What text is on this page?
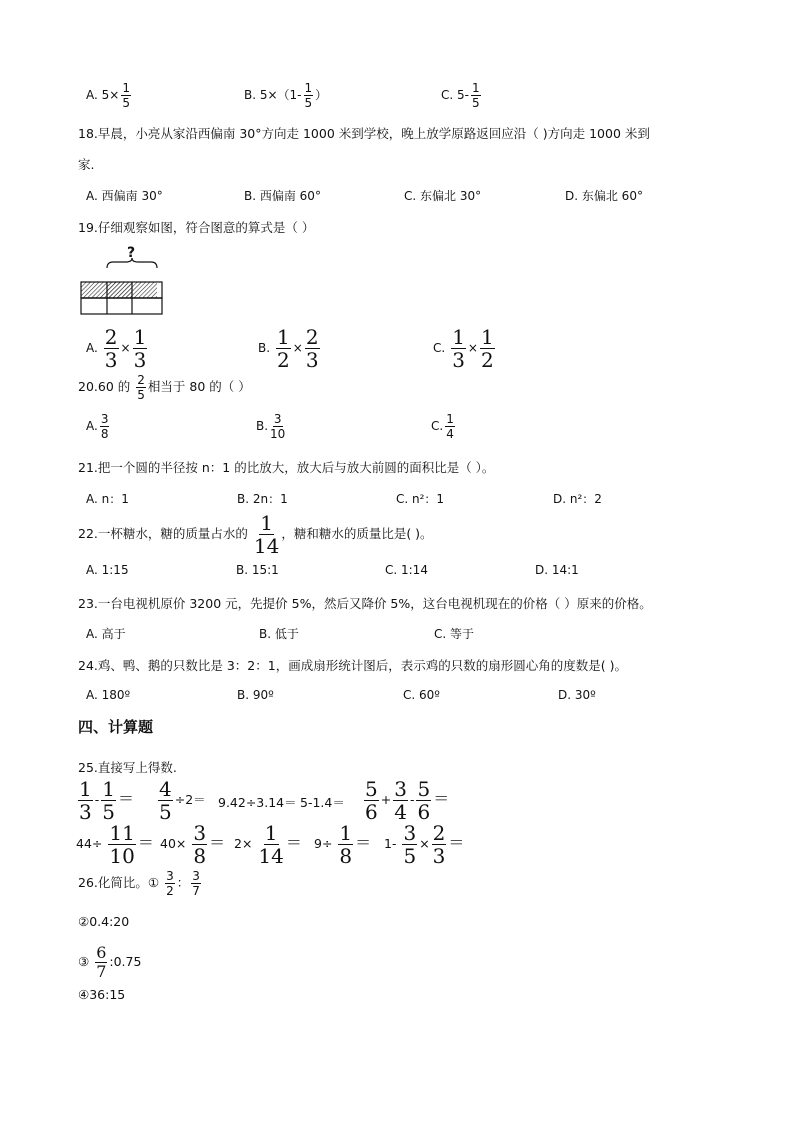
A. $5\times \frac{1}{5}$	B. $5\times(1- \frac{1}{5}$ ）	C. $5- \frac{1}{5}$
18.早晨，小亮从家沿西偏南 30°方向走 1000 米到学校，晚上放学原路返回应沿（ )方向走 1000 米到
家.
A. 西偏南 30°	B. 西偏南 60°	C. 东偏北 30°	D. 东偏北 60°
19.仔细观察如图，符合图意的算式是（ ）
?
A. $\frac{2}{3} \times \frac{1}{3}$	B. $\frac{1}{2} \times \frac{2}{3}$	C. $\frac{1}{3} \times \frac{1}{2}$
20.60 的 $\frac{2}{5}$ 相当于 80 的（ ）
A. $\frac{3}{8}$	B. $\frac{3}{10}$	C. $\frac{1}{4}$
21.把一个圆的半径按 n：1 的比放大，放大后与放大前圆的面积比是（ ）。
A. n：1	B. 2n：1	C. n²：1	D. n²：2
22.一杯糖水，糖的质量占水的 $\frac{1}{14}$ ，糖和糖水的质量比是( )。
A. 1:15	B. 15:1	C. 1:14	D. 14:1
23.一台电视机原价 3200 元，先提价 5%，然后又降价 5%，这台电视机现在的价格（ ）原来的价格。
A. 高于	B. 低于	C. 等于
24.鸡、鸭、鹅的只数比是 3：2：1，画成扇形统计图后，表示鸡的只数的扇形圆心角的度数是( )。
A. 180º	B. 90º	C. 60º	D. 30º
四、计算题
25.直接写上得数.
$\frac{1}{3} - \frac{1}{5} = \frac{4}{5} \div 2= 9.42\div 3.14= 5-1.4= \frac{5}{6} + \frac{3}{4} - \frac{5}{6}$ ＝
$44\div \frac{11}{10} = 40\times \frac{3}{8} = 2\times \frac{1}{14} = 9\div \frac{1}{8} = 1- \frac{3}{5} \times \frac{2}{3}$ ＝
26.化简比。① $\frac{3}{2}$ ： $\frac{3}{7}$
②0.4:20
③ $\frac{6}{7}$ :0.75
④36:15
